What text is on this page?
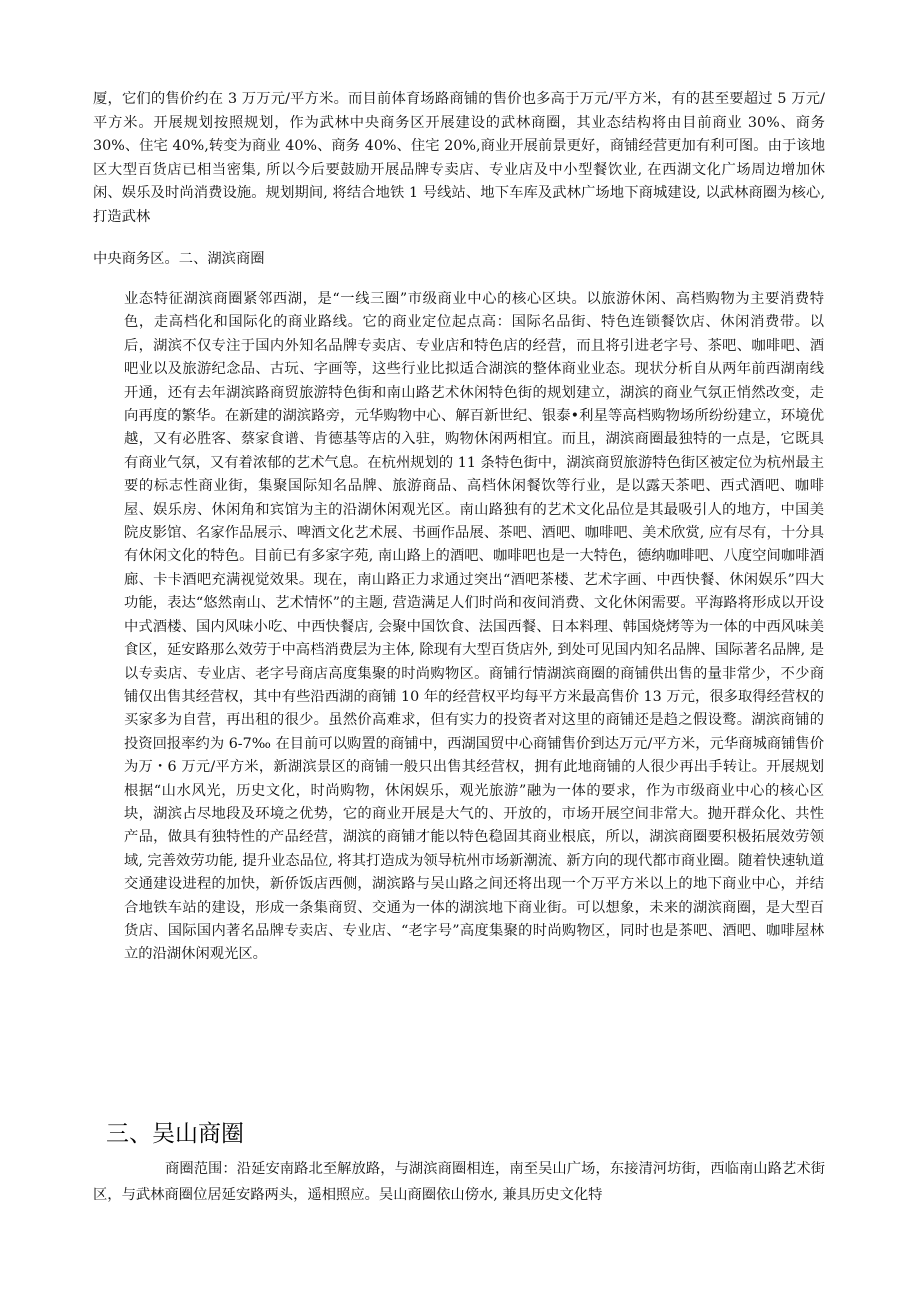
厦，它们的售价约在 3 万万元/平方米。而目前体育场路商铺的售价也多高于万元/平方米，有的甚至要超过 5 万元/平方米。开展规划按照规划，作为武林中央商务区开展建设的武林商圈，其业态结构将由目前商业 30%、商务 30%、住宅 40%,转变为商业 40%、商务 40%、住宅 20%,商业开展前景更好，商铺经营更加有利可图。由于该地区大型百货店已相当密集, 所以今后要鼓励开展品牌专卖店、专业店及中小型餐饮业, 在西湖文化广场周边增加休闲、娱乐及时尚消费设施。规划期间, 将结合地铁 1 号线站、地下车库及武林广场地下商城建设, 以武林商圈为核心, 打造武林

中央商务区。二、湖滨商圈

业态特征湖滨商圈紧邻西湖，是“一线三圈”市级商业中心的核心区块。以旅游休闲、高档购物为主要消费特色，走高档化和国际化的商业路线。它的商业定位起点高：国际名品街、特色连锁餐饮店、休闲消费带。以后，湖滨不仅专注于国内外知名品牌专卖店、专业店和特色店的经营，而且将引进老字号、茶吧、咖啡吧、酒吧业以及旅游纪念品、古玩、字画等，这些行业比拟适合湖滨的整体商业业态。现状分析自从两年前西湖南线开通，还有去年湖滨路商贸旅游特色街和南山路艺术休闲特色街的规划建立，湖滨的商业气氛正悄然改变，走向再度的繁华。在新建的湖滨路旁，元华购物中心、解百新世纪、银泰•利星等高档购物场所纷纷建立，环境优越，又有必胜客、蔡家食谱、肯德基等店的入驻，购物休闲两相宜。而且，湖滨商圈最独特的一点是，它既具有商业气氛，又有着浓郁的艺术气息。在杭州规划的 11 条特色街中，湖滨商贸旅游特色街区被定位为杭州最主要的标志性商业街，集聚国际知名品牌、旅游商品、高档休闲餐饮等行业，是以露天茶吧、西式酒吧、咖啡屋、娱乐房、休闲角和宾馆为主的沿湖休闲观光区。南山路独有的艺术文化品位是其最吸引人的地方，中国美院皮影馆、名家作品展示、啤酒文化艺术展、书画作品展、茶吧、酒吧、咖啡吧、美术欣赏, 应有尽有，十分具有休闲文化的特色。目前已有多家字苑, 南山路上的酒吧、咖啡吧也是一大特色，德纳咖啡吧、八度空间咖啡酒廊、卡卡酒吧充满视觉效果。现在，南山路正力求通过突出“酒吧茶楼、艺术字画、中西快餐、休闲娱乐”四大功能，表达“悠然南山、艺术情怀”的主题, 营造满足人们时尚和夜间消费、文化休闲需要。平海路将形成以开设中式酒楼、国内风味小吃、中西快餐店, 会聚中国饮食、法国西餐、日本料理、韩国烧烤等为一体的中西风味美食区，延安路那么效劳于中高档消费层为主体, 除现有大型百货店外, 到处可见国内知名品牌、国际著名品牌, 是以专卖店、专业店、老字号商店高度集聚的时尚购物区。商铺行情湖滨商圈的商铺供出售的量非常少，不少商铺仅出售其经营权，其中有些沿西湖的商铺 10 年的经营权平均每平方米最高售价 13 万元，很多取得经营权的买家多为自营，再出租的很少。虽然价高难求，但有实力的投资者对这里的商铺还是趋之假设鹜。湖滨商铺的投资回报率约为 6-7‰ 在目前可以购置的商铺中，西湖国贸中心商铺售价到达万元/平方米，元华商城商铺售价为万・6 万元/平方米，新湖滨景区的商铺一般只出售其经营权，拥有此地商铺的人很少再出手转让。开展规划根据“山水风光，历史文化，时尚购物，休闲娱乐，观光旅游”融为一体的要求，作为市级商业中心的核心区块，湖滨占尽地段及环境之优势，它的商业开展是大气的、开放的，市场开展空间非常大。抛开群众化、共性产品，做具有独特性的产品经营，湖滨的商铺才能以特色稳固其商业根底，所以，湖滨商圈要积极拓展效劳领域, 完善效劳功能, 提升业态品位, 将其打造成为领导杭州市场新潮流、新方向的现代都市商业圈。随着快速轨道交通建设进程的加快，新侨饭店西侧，湖滨路与吴山路之间还将出现一个万平方米以上的地下商业中心，并结合地铁车站的建设，形成一条集商贸、交通为一体的湖滨地下商业街。可以想象，未来的湖滨商圈，是大型百货店、国际国内著名品牌专卖店、专业店、“老字号”高度集聚的时尚购物区，同时也是茶吧、酒吧、咖啡屋林立的沿湖休闲观光区。

三、吴山商圈

商圈范围：沿延安南路北至解放路，与湖滨商圈相连，南至吴山广场，东接清河坊街，西临南山路艺术街区，与武林商圈位居延安路两头，遥相照应。吴山商圈依山傍水, 兼具历史文化特
